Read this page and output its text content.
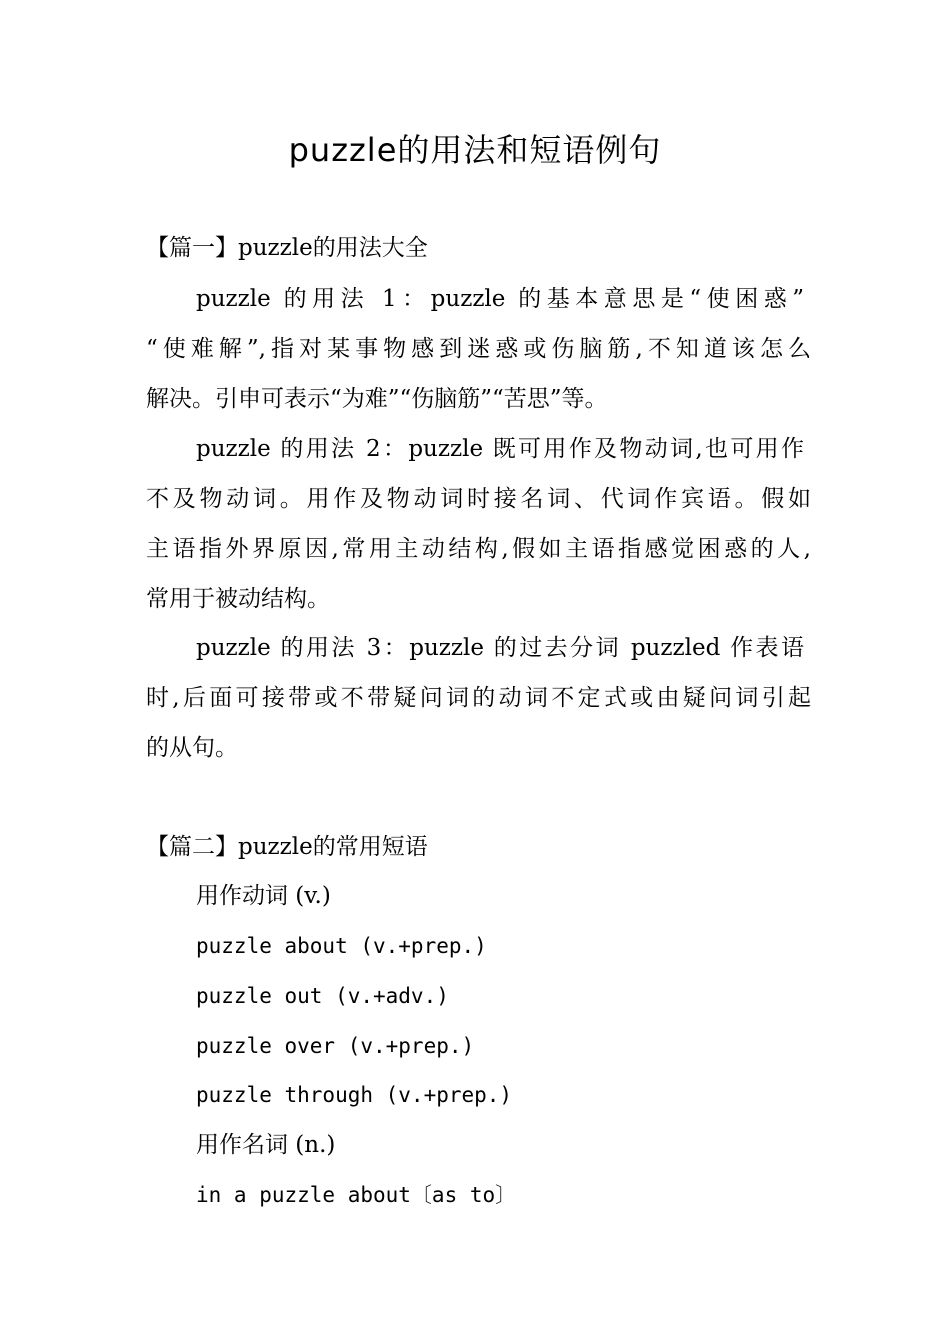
puzzle的用法和短语例句
【篇一】puzzle的用法大全
puzzle 的用法 1：puzzle 的基本意思是“使困惑”
“使难解”,指对某事物感到迷惑或伤脑筋,不知道该怎么
解决。引申可表示“为难”“伤脑筋”“苦思”等。
puzzle 的用法 2：puzzle 既可用作及物动词,也可用作
不及物动词。用作及物动词时接名词、代词作宾语。假如
主语指外界原因,常用主动结构,假如主语指感觉困惑的人,
常用于被动结构。
puzzle 的用法 3：puzzle 的过去分词 puzzled 作表语
时,后面可接带或不带疑问词的动词不定式或由疑问词引起
的从句。
【篇二】puzzle的常用短语
用作动词 (v.)
puzzle about (v.+prep.)
puzzle out (v.+adv.)
puzzle over (v.+prep.)
puzzle through (v.+prep.)
用作名词 (n.)
in a puzzle about〔as to〕
